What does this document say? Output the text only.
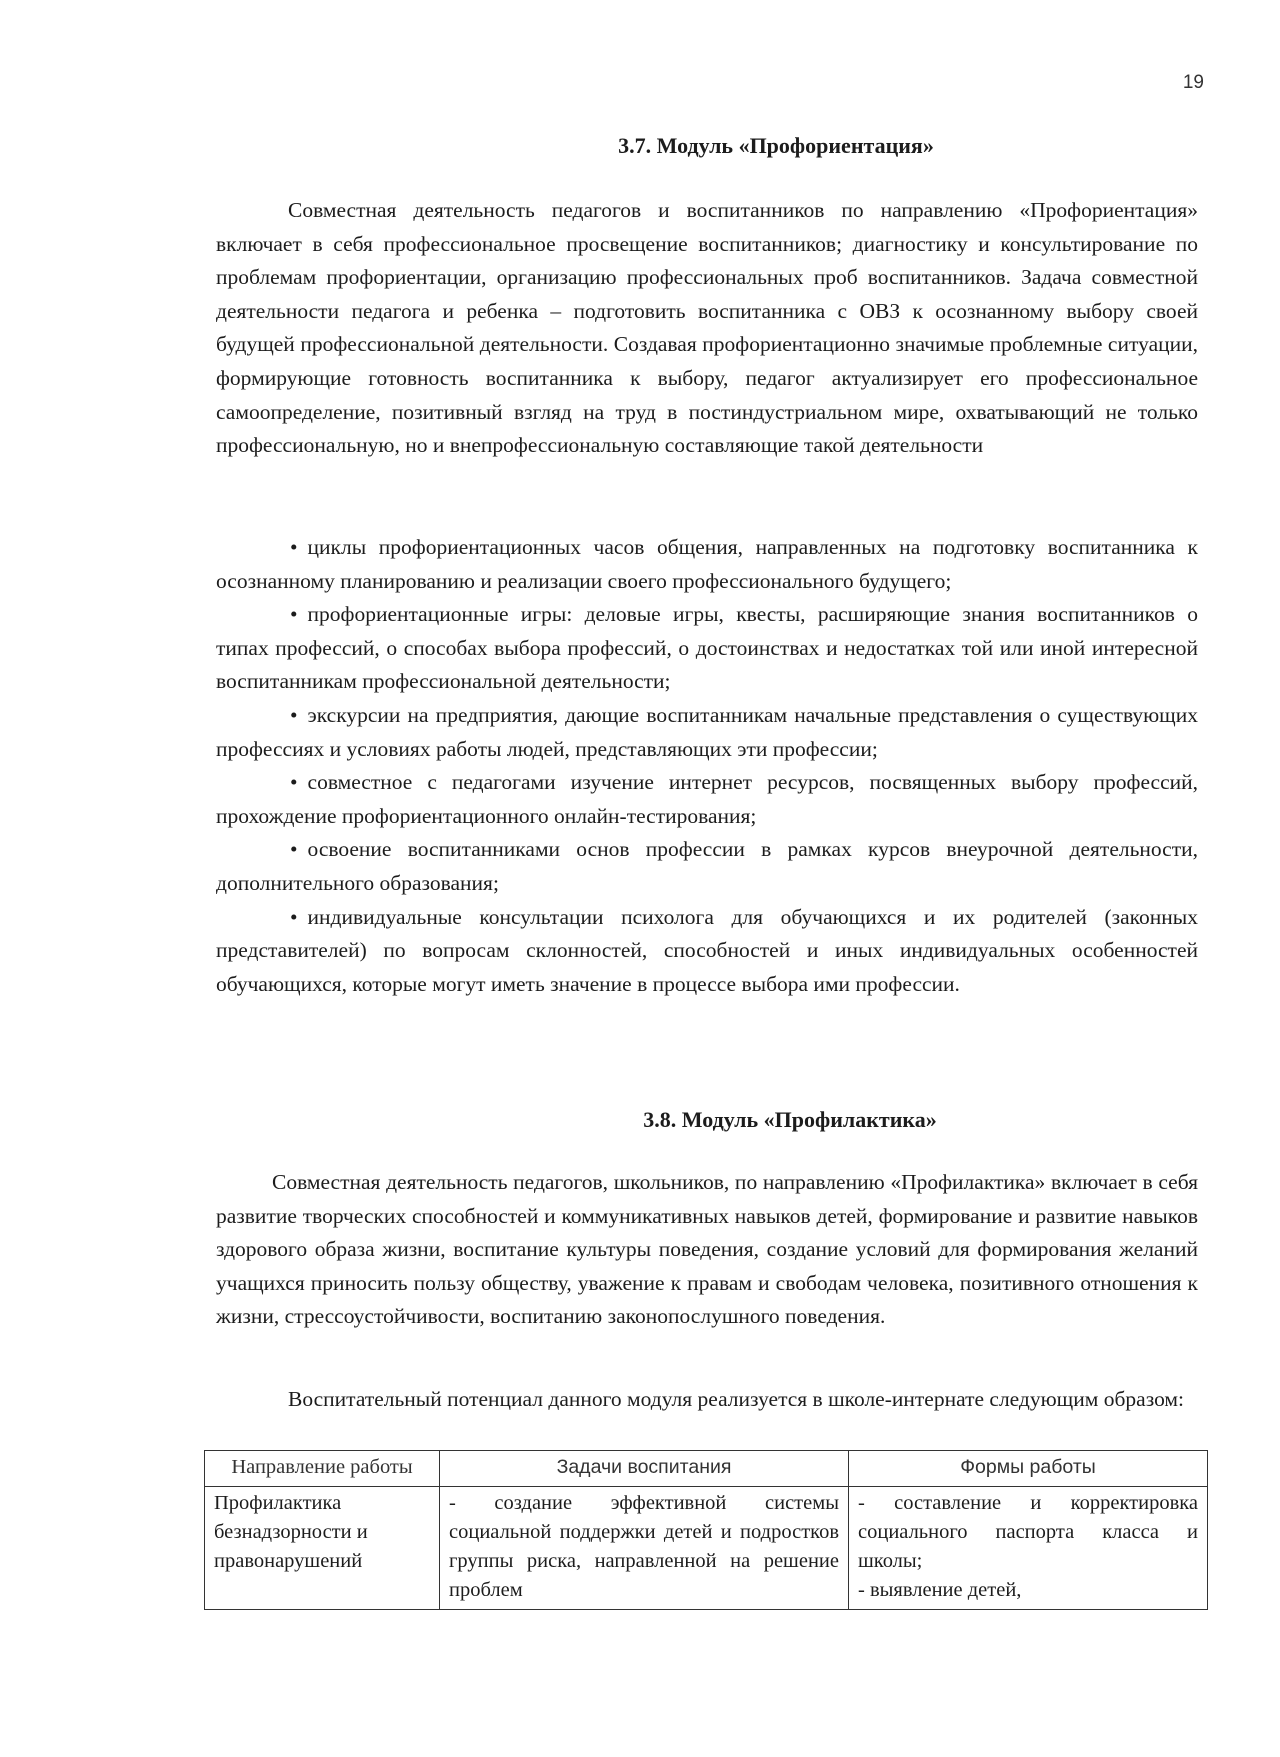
19
3.7. Модуль «Профориентация»

Совместная деятельность педагогов и воспитанников по направлению «Профориентация» включает в себя профессиональное просвещение воспитанников; диагностику и консультирование по проблемам профориентации, организацию профессиональных проб воспитанников. Задача совместной деятельности педагога и ребенка – подготовить воспитанника с ОВЗ к осознанному выбору своей будущей профессиональной деятельности. Создавая профориентационно значимые проблемные ситуации, формирующие готовность воспитанника к выбору, педагог актуализирует его профессиональное самоопределение, позитивный взгляд на труд в постиндустриальном мире, охватывающий не только профессиональную, но и внепрофессиональную составляющие такой деятельности

• циклы профориентационных часов общения, направленных на подготовку воспитанника к осознанному планированию и реализации своего профессионального будущего;
• профориентационные игры: деловые игры, квесты, расширяющие знания воспитанников о типах профессий, о способах выбора профессий, о достоинствах и недостатках той или иной интересной воспитанникам профессиональной деятельности;
• экскурсии на предприятия, дающие воспитанникам начальные представления о существующих профессиях и условиях работы людей, представляющих эти профессии;
• совместное с педагогами изучение интернет ресурсов, посвященных выбору профессий, прохождение профориентационного онлайн-тестирования;
• освоение воспитанниками основ профессии в рамках курсов внеурочной деятельности, дополнительного образования;
• индивидуальные консультации психолога для обучающихся и их родителей (законных представителей) по вопросам склонностей, способностей и иных индивидуальных особенностей обучающихся, которые могут иметь значение в процессе выбора ими профессии.
3.8. Модуль «Профилактика»

Совместная деятельность педагогов, школьников, по направлению «Профилактика» включает в себя развитие творческих способностей и коммуникативных навыков детей, формирование и развитие навыков здорового образа жизни, воспитание культуры поведения, создание условий для формирования желаний учащихся приносить пользу обществу, уважение к правам и свободам человека, позитивного отношения к жизни, стрессоустойчивости, воспитанию законопослушного поведения.

Воспитательный потенциал данного модуля реализуется в школе-интернате следующим образом:

Направление работы	Задачи воспитания	Формы работы
Профилактика безнадзорности и правонарушений	- создание эффективной системы социальной поддержки детей и подростков группы риска, направленной на решение проблем	- составление и корректировка социального паспорта класса и школы;

- выявление детей,
